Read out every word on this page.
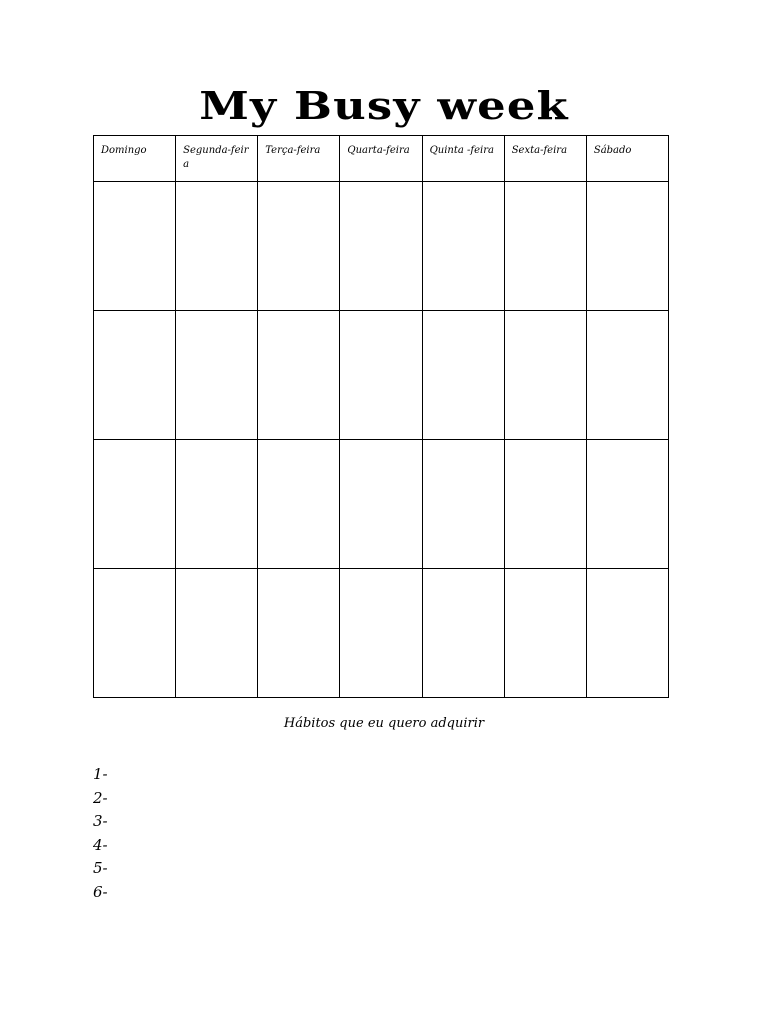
My Busy week
Domingo	Segunda-feira	Terça-feira	Quarta-feira	Quinta -feira	Sexta-feira	Sábado

Hábitos que eu quero adquirir
1-
2-
3-
4-
5-
6-
